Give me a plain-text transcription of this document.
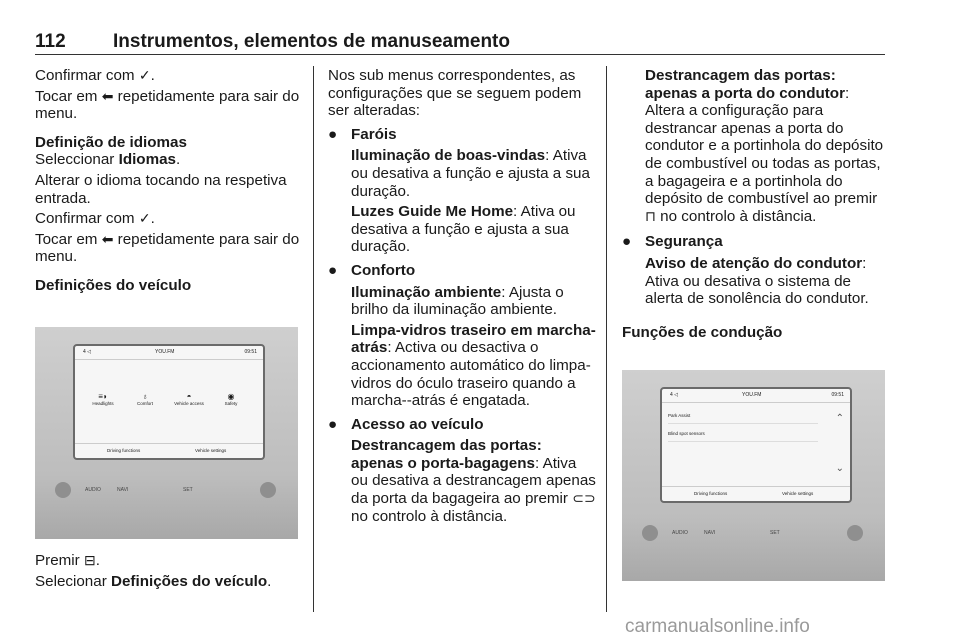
112 Instrumentos, elementos de manuseamento

Confirmar com ✓.

Tocar em ⬅ repetidamente para sair do menu.

Definição de idiomas

Seleccionar Idiomas.

Alterar o idioma tocando na respetiva entrada.

Confirmar com ✓.

Tocar em ⬅ repetidamente para sair do menu.

Definições do veículo
4 ◁	YOU.FM	09:51
≡◗
Headlights
♁
Comfort
◓
Vehicle access
◉
Safety
Driving functions	Vehicle settings
AUDIO	NAVI	SET

Premir ⊟.

Selecionar Definições do veículo.

Nos sub menus correspondentes, as configurações que se seguem podem ser alteradas:

● Faróis

Iluminação de boas-vindas: Ativa ou desativa a função e ajusta a sua duração.

Luzes Guide Me Home: Ativa ou desativa a função e ajusta a sua duração.

● Conforto

Iluminação ambiente: Ajusta o brilho da iluminação ambiente.

Limpa-vidros traseiro em marcha-atrás: Activa ou desactiva o accionamento automático do limpa-vidros do óculo traseiro quando a marcha--atrás é engatada.

● Acesso ao veículo

Destrancagem das portas: apenas o porta-bagagens: Ativa ou desativa a destrancagem apenas da porta da bagageira ao premir ⊂⊃ no controlo à distância.

Destrancagem das portas: apenas a porta do condutor: Altera a configuração para destrancar apenas a porta do condutor e a portinhola do depósito de combustível ou todas as portas, a bagageira e a portinhola do depósito de combustível ao premir ⊓ no controlo à distância.

● Segurança

Aviso de atenção do condutor: Ativa ou desativa o sistema de alerta de sonolência do condutor.

Funções de condução
4 ◁	YOU.FM	09:51
Park Assist
Blind spot sensors
⌃
⌄
Driving functions	Vehicle settings
AUDIO	NAVI	SET
carmanualsonline.info
